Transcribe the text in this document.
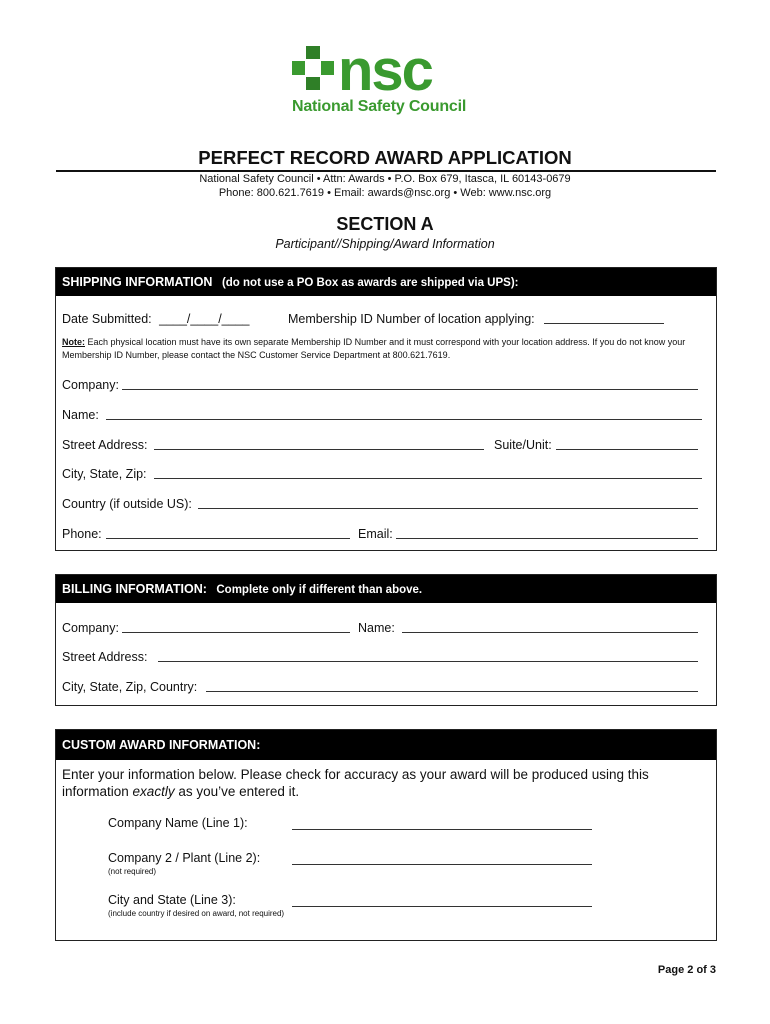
nsc
National Safety Council
PERFECT RECORD AWARD APPLICATION
National Safety Council • Attn: Awards • P.O. Box 679, Itasca, IL 60143-0679
Phone: 800.621.7619 • Email: awards@nsc.org • Web: www.nsc.org
SECTION A
Participant//Shipping/Award Information
SHIPPING INFORMATION (do not use a PO Box as awards are shipped via UPS):
Date Submitted: ____/____/____	Membership ID Number of location applying:
Note: Each physical location must have its own separate Membership ID Number and it must correspond with your location address. If you do not know your Membership ID Number, please contact the NSC Customer Service Department at 800.621.7619.
Company:
Name:
Street Address:	Suite/Unit:
City, State, Zip:
Country (if outside US):
Phone:	Email:
BILLING INFORMATION: Complete only if different than above.
Company:	Name:
Street Address:
City, State, Zip, Country:
CUSTOM AWARD INFORMATION:
Enter your information below. Please check for accuracy as your award will be produced using this information exactly as you’ve entered it.
Company Name (Line 1):
Company 2 / Plant (Line 2):
(not required)
City and State (Line 3):
(include country if desired on award, not required)
Page 2 of 3
